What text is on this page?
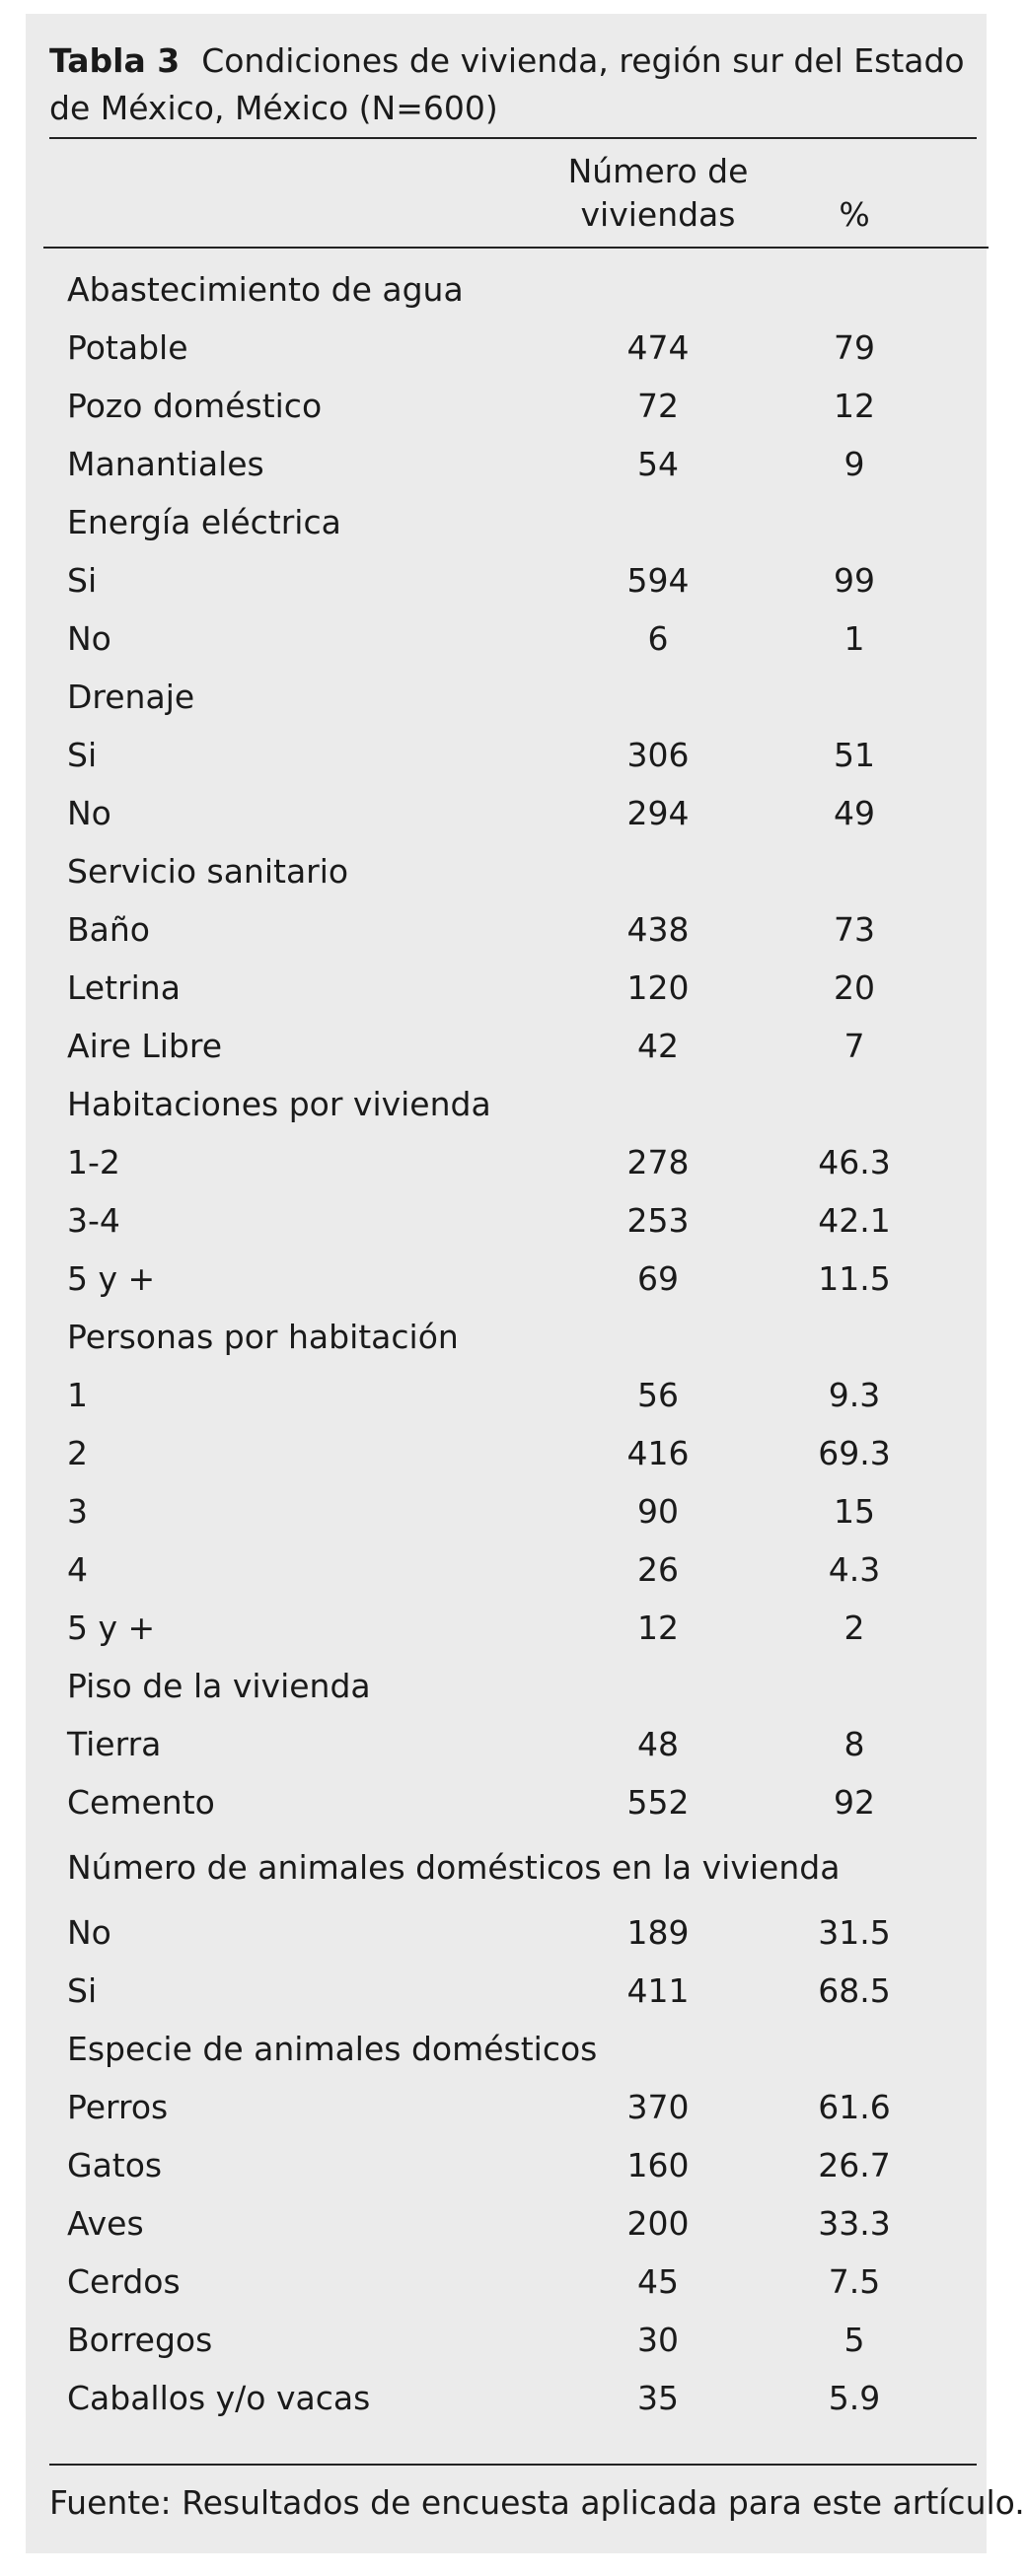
Tabla 3 Condiciones de vivienda, región sur del Estado de México, México (N=600)
Número de viviendas	%
Abastecimiento de agua
Potable	474	79
Pozo doméstico	72	12
Manantiales	54	9
Energía eléctrica
Si	594	99
No	6	1
Drenaje
Si	306	51
No	294	49
Servicio sanitario
Baño	438	73
Letrina	120	20
Aire Libre	42	7
Habitaciones por vivienda
1-2	278	46.3
3-4	253	42.1
5 y +	69	11.5
Personas por habitación
1	56	9.3
2	416	69.3
3	90	15
4	26	4.3
5 y +	12	2
Piso de la vivienda
Tierra	48	8
Cemento	552	92
Número de animales domésticos en la vivienda
No	189	31.5
Si	411	68.5
Especie de animales domésticos
Perros	370	61.6
Gatos	160	26.7
Aves	200	33.3
Cerdos	45	7.5
Borregos	30	5
Caballos y/o vacas	35	5.9
Fuente: Resultados de encuesta aplicada para este artículo.
